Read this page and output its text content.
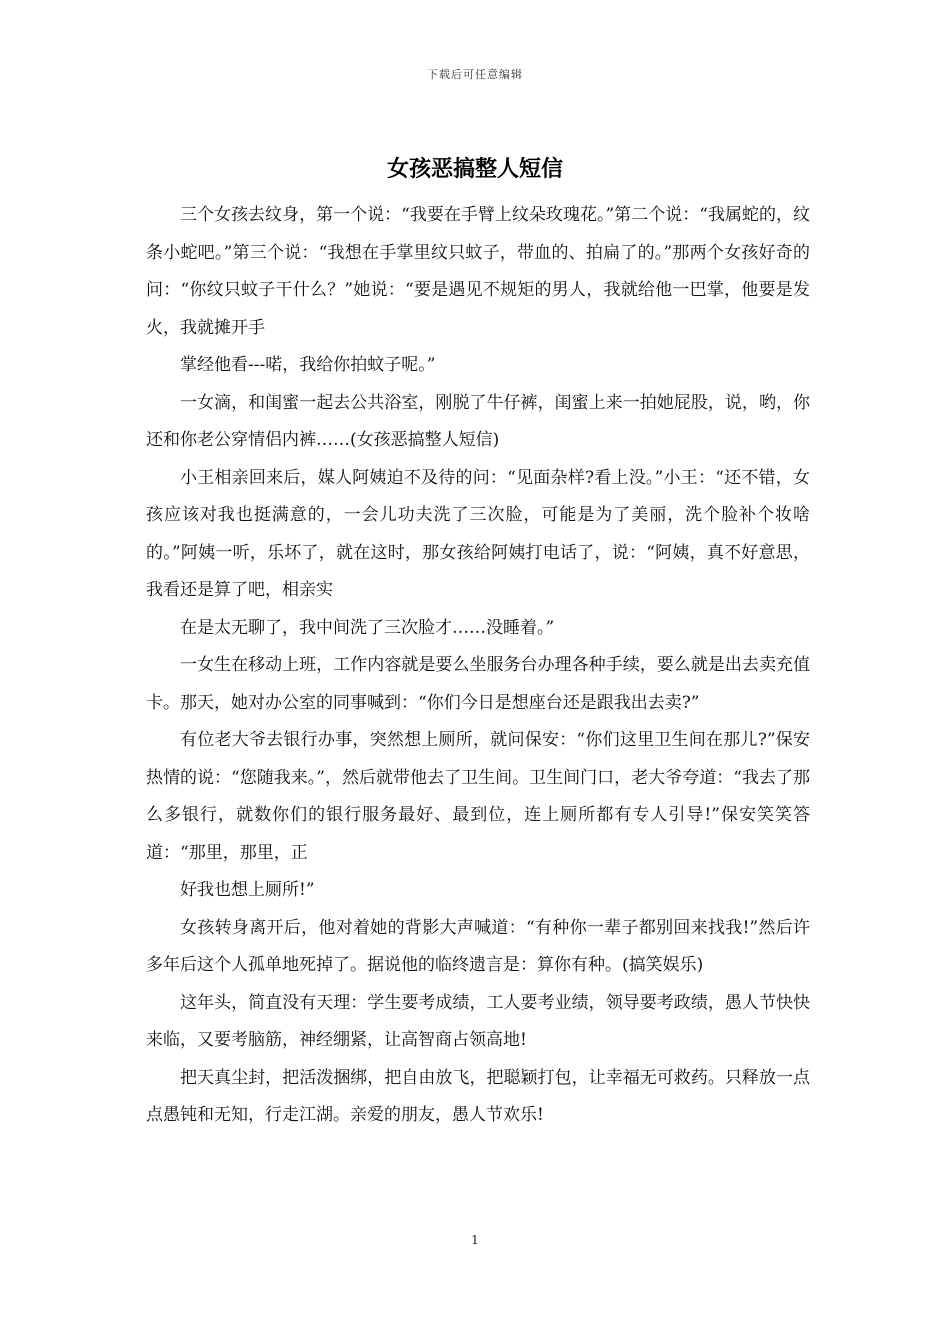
下载后可任意编辑
女孩恶搞整人短信

三个女孩去纹身，第一个说：“我要在手臂上纹朵玫瑰花。”第二个说：“我属蛇的，纹条小蛇吧。”第三个说：“我想在手掌里纹只蚊子，带血的、拍扁了的。”那两个女孩好奇的问：“你纹只蚊子干什么？”她说：“要是遇见不规矩的男人，我就给他一巴掌，他要是发火，我就摊开手

掌经他看---喏，我给你拍蚊子呢。”

一女滴，和闺蜜一起去公共浴室，刚脱了牛仔裤，闺蜜上来一拍她屁股，说，哟，你还和你老公穿情侣内裤……(女孩恶搞整人短信)

小王相亲回来后，媒人阿姨迫不及待的问：“见面杂样?看上没。”小王：“还不错，女孩应该对我也挺满意的，一会儿功夫洗了三次脸，可能是为了美丽，洗个脸补个妆啥的。”阿姨一听，乐坏了，就在这时，那女孩给阿姨打电话了，说：“阿姨，真不好意思，我看还是算了吧，相亲实

在是太无聊了，我中间洗了三次脸才……没睡着。”

一女生在移动上班，工作内容就是要么坐服务台办理各种手续，要么就是出去卖充值卡。那天，她对办公室的同事喊到：“你们今日是想座台还是跟我出去卖?”

有位老大爷去银行办事，突然想上厕所，就问保安：“你们这里卫生间在那儿?”保安热情的说：“您随我来。”，然后就带他去了卫生间。卫生间门口，老大爷夸道：“我去了那么多银行，就数你们的银行服务最好、最到位，连上厕所都有专人引导!”保安笑笑答道：“那里，那里，正

好我也想上厕所!”

女孩转身离开后，他对着她的背影大声喊道：“有种你一辈子都别回来找我!”然后许多年后这个人孤单地死掉了。据说他的临终遗言是：算你有种。(搞笑娱乐)

这年头，简直没有天理：学生要考成绩，工人要考业绩，领导要考政绩，愚人节快快来临，又要考脑筋，神经绷紧，让高智商占领高地!

把天真尘封，把活泼捆绑，把自由放飞，把聪颖打包，让幸福无可救药。只释放一点点愚钝和无知，行走江湖。亲爱的朋友，愚人节欢乐!

1
